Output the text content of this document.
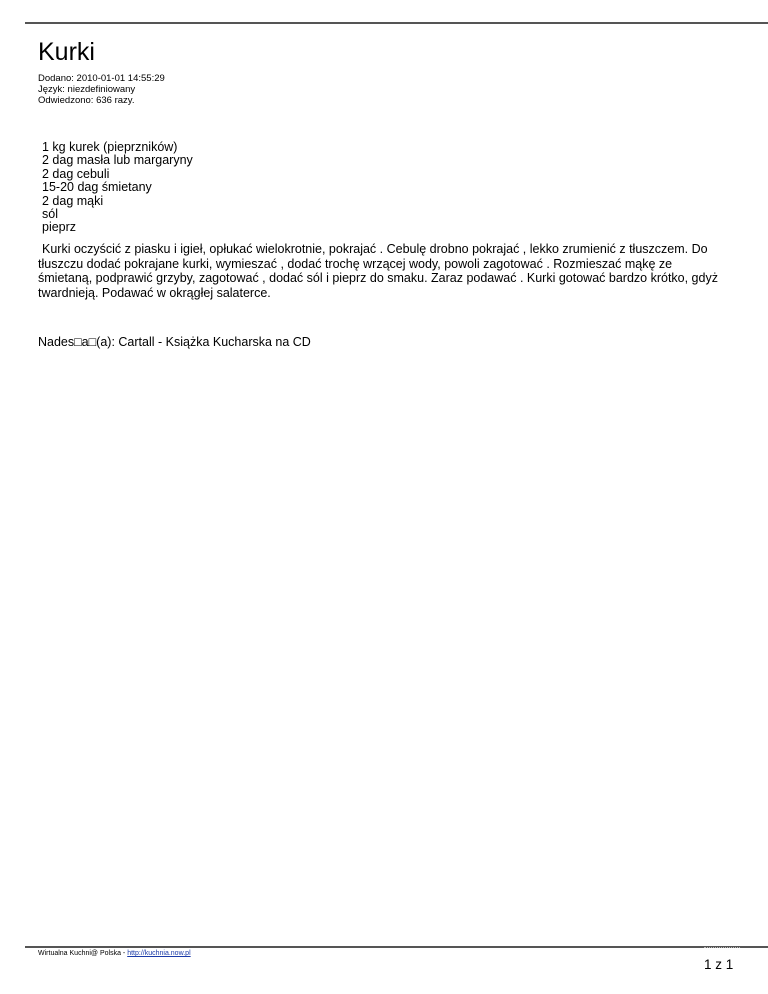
Kurki
Dodano: 2010-01-01 14:55:29
Język: niezdefiniowany
Odwiedzono: 636 razy.
1 kg kurek (pieprzników)
2 dag masła lub margaryny
2 dag cebuli
15-20 dag śmietany
2 dag mąki
sól
pieprz

Kurki oczyścić z piasku i igieł, opłukać wielokrotnie, pokrajać . Cebulę drobno pokrajać , lekko zrumienić z tłuszczem. Do tłuszczu dodać pokrajane kurki, wymieszać , dodać trochę wrzącej wody, powoli zagotować . Rozmieszać mąkę ze śmietaną, podprawić grzyby, zagotować , dodać sól i pieprz do smaku. Zaraz podawać . Kurki gotować bardzo krótko, gdyż twardnieją. Podawać w okrągłej salaterce.

Nades□a□(a): Cartall - Książka Kucharska na CD
Wirtualna Kuchni@ Polska - http://kuchnia.now.pl
1 z 1
